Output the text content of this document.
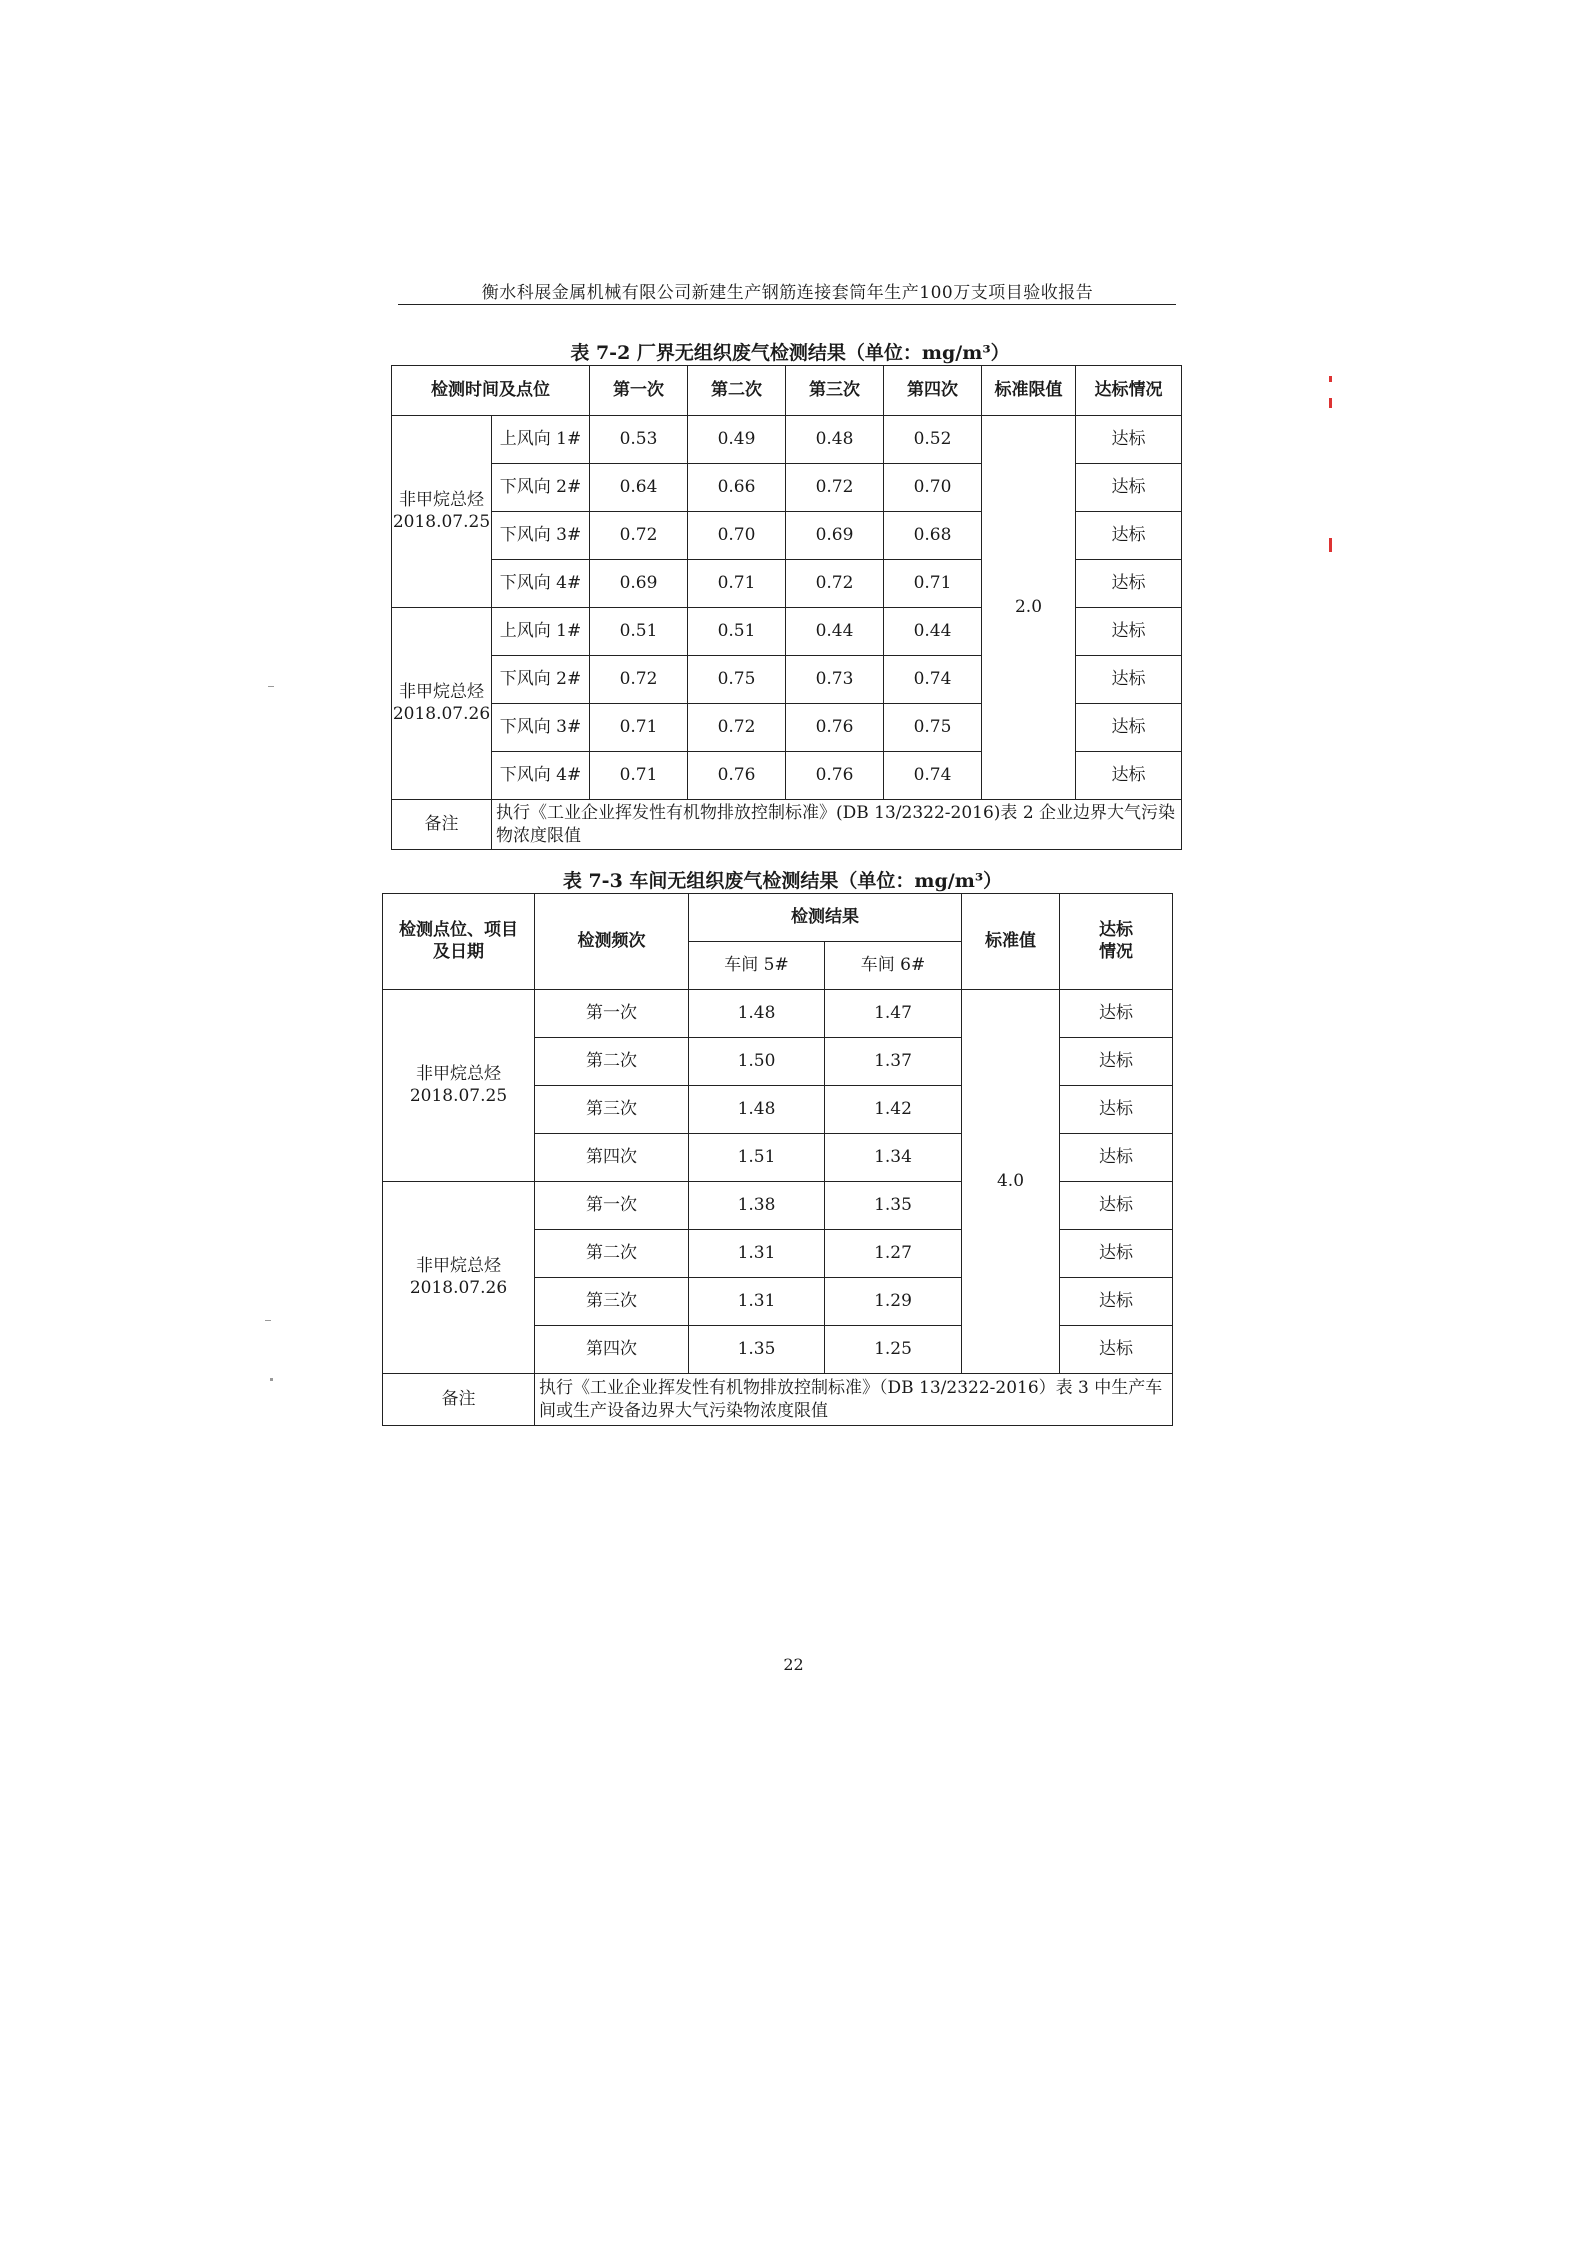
衡水科展金属机械有限公司新建生产钢筋连接套筒年生产100万支项目验收报告
表 7-2 厂界无组织废气检测结果（单位：mg/m³）
检测时间及点位		第一次	第二次	第三次	第四次	标准限值	达标情况
非甲烷总烃
2018.07.25	上风向 1#	0.53	0.49	0.48	0.52	2.0	达标
	下风向 2#	0.64	0.66	0.72	0.70		达标
	下风向 3#	0.72	0.70	0.69	0.68		达标
	下风向 4#	0.69	0.71	0.72	0.71		达标
非甲烷总烃
2018.07.26	上风向 1#	0.51	0.51	0.44	0.44		达标
	下风向 2#	0.72	0.75	0.73	0.74		达标
	下风向 3#	0.71	0.72	0.76	0.75		达标
	下风向 4#	0.71	0.76	0.76	0.74		达标
备注	执行《工业企业挥发性有机物排放控制标准》(DB 13/2322-2016)表 2 企业边界大气污染物浓度限值						
表 7-3 车间无组织废气检测结果（单位：mg/m³）
检测点位、项目
及日期	检测频次	检测结果		标准值	达标
情况
		车间 5#	车间 6#		
非甲烷总烃
2018.07.25	第一次	1.48	1.47	4.0	达标
	第二次	1.50	1.37		达标
	第三次	1.48	1.42		达标
	第四次	1.51	1.34		达标
非甲烷总烃
2018.07.26	第一次	1.38	1.35		达标
	第二次	1.31	1.27		达标
	第三次	1.31	1.29		达标
	第四次	1.35	1.25		达标
备注	执行《工业企业挥发性有机物排放控制标准》（DB 13/2322-2016）表 3 中生产车间或生产设备边界大气污染物浓度限值				
22
